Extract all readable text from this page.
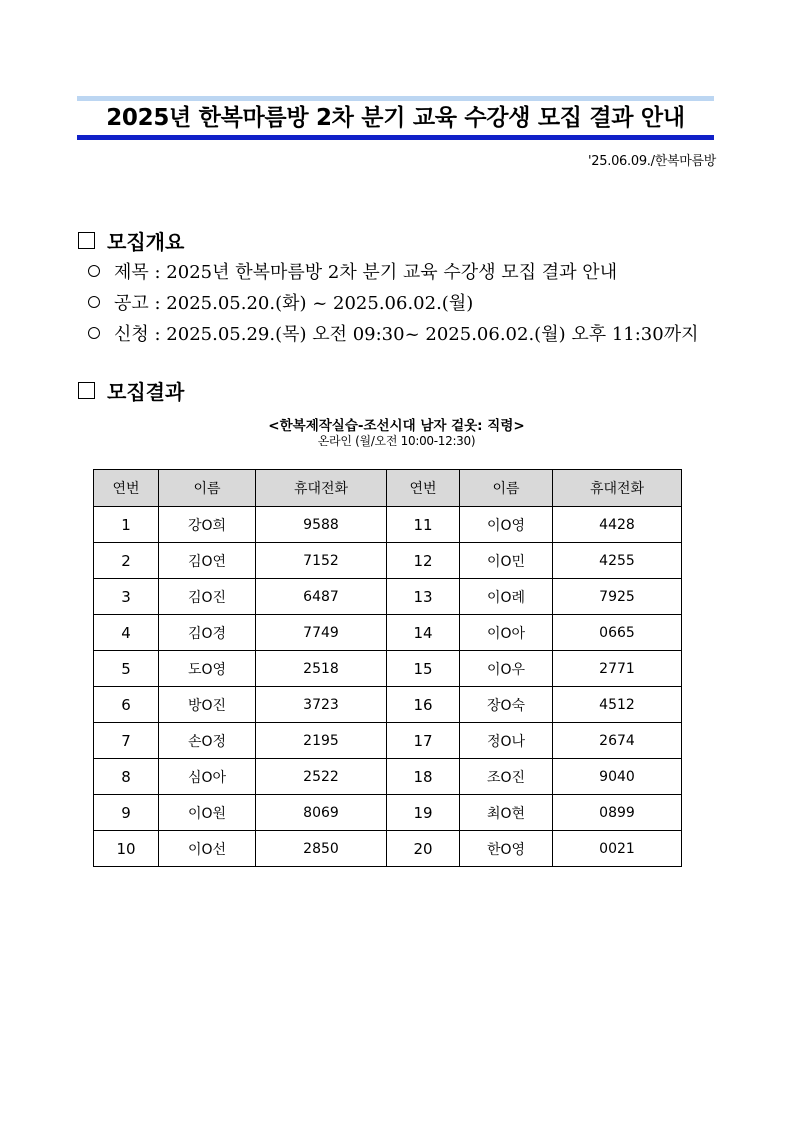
2025년 한복마름방 2차 분기 교육 수강생 모집 결과 안내
'25.06.09./한복마름방
모집개요
제목 : 2025년 한복마름방 2차 분기 교육 수강생 모집 결과 안내
공고 : 2025.05.20.(화) ~ 2025.06.02.(월)
신청 : 2025.05.29.(목) 오전 09:30~ 2025.06.02.(월) 오후 11:30까지
모집결과
<한복제작실습-조선시대 남자 겉옷: 직령>
온라인 (월/오전 10:00-12:30)
연번	이름	휴대전화	연번	이름	휴대전화
1	강O희	9588	11	이O영	4428
2	김O연	7152	12	이O민	4255
3	김O진	6487	13	이O례	7925
4	김O경	7749	14	이O아	0665
5	도O영	2518	15	이O우	2771
6	방O진	3723	16	장O숙	4512
7	손O정	2195	17	정O나	2674
8	심O아	2522	18	조O진	9040
9	이O원	8069	19	최O현	0899
10	이O선	2850	20	한O영	0021
